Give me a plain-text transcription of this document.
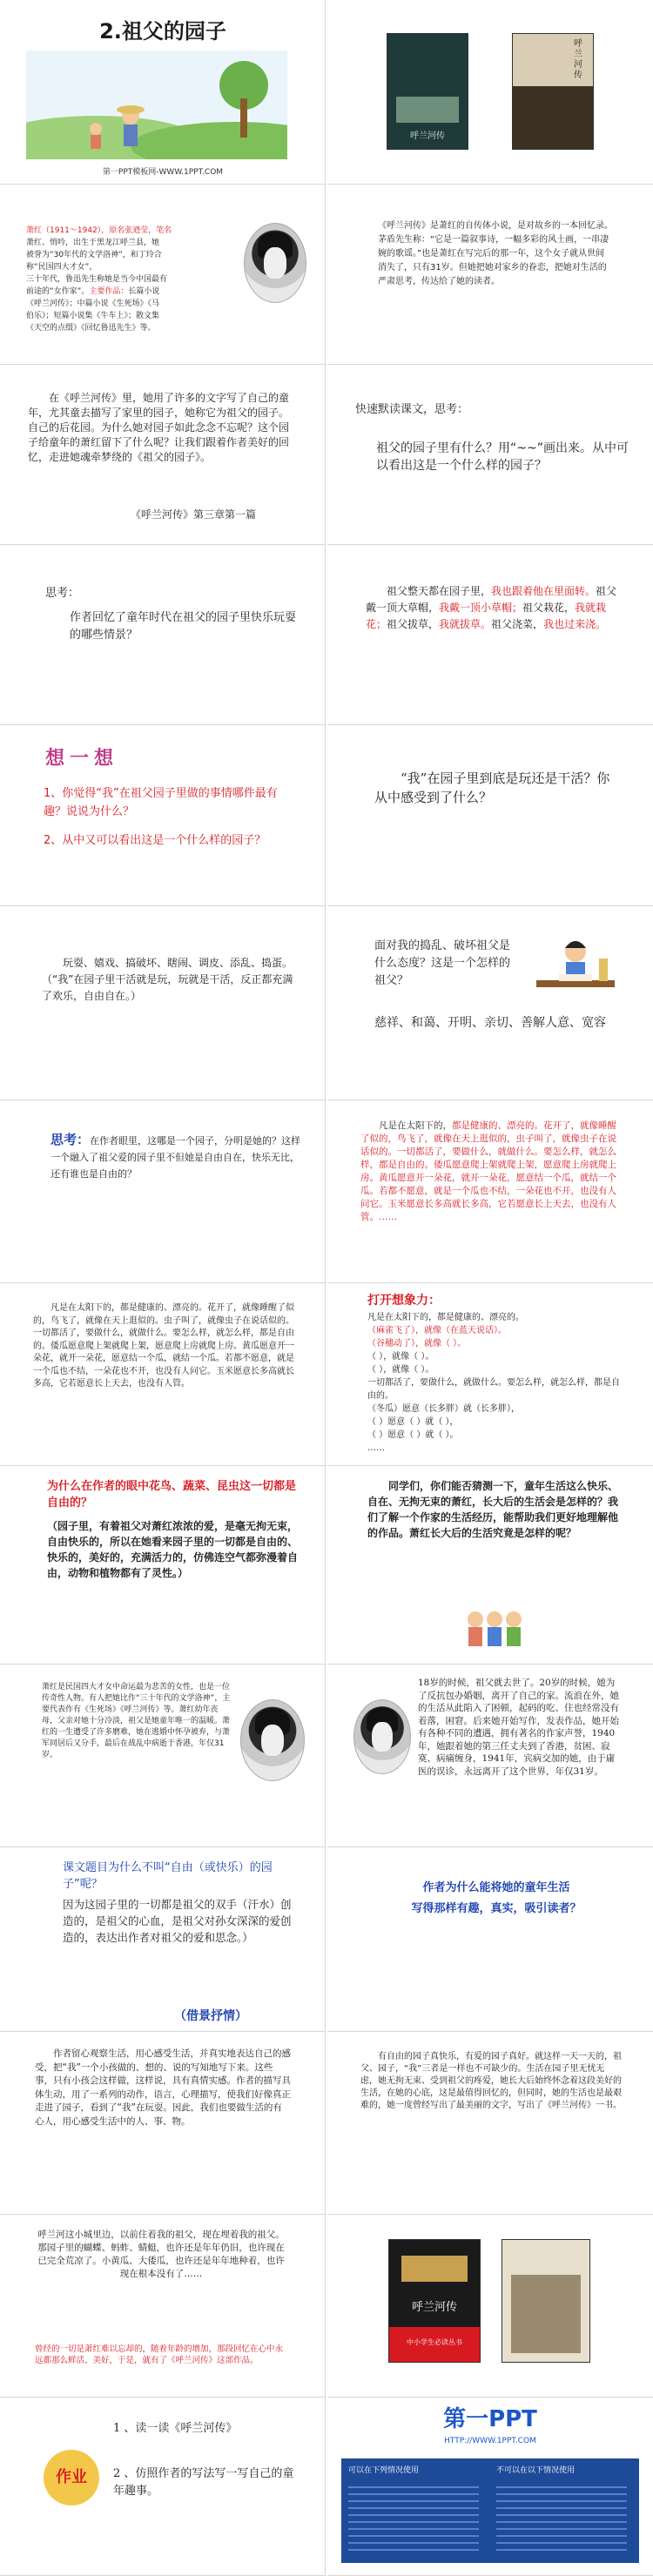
2.祖父的园子
第一PPT模板网-WWW.1PPT.COM
呼兰河传
呼兰河传
萧红（1911～1942），原名张迺莹，笔名
萧红、悄吟，出生于黑龙江呼兰县，她
被誉为“30年代的文学洛神”，和丁玲合
称“民国四大才女”，
三十年代，鲁迅先生称她是当今中国最有
前途的“女作家”。主要作品：长篇小说
《呼兰河传》；中篇小说《生死场》《马
伯乐》；短篇小说集《牛车上》；散文集
《天空的点缀》《回忆鲁迅先生》等。
《呼兰河传》是萧红的自传体小说，是对故乡的一本回忆录。茅盾先生称：“它是一篇叙事诗，一幅多彩的风土画，一串凄婉的歌谣。”也是萧红在写完后的那一年，这个女子就从世间消失了，只有31岁。但她把她对家乡的眷恋，把她对生活的严肃思考，传达给了她的读者。
在《呼兰河传》里，她用了许多的文字写了自己的童年，尤其童去描写了家里的园子，她称它为祖父的园子。自己的后花园。为什么她对园子如此念念不忘呢？这个园子给童年的萧红留下了什么呢？让我们跟着作者美好的回忆，走进她魂牵梦绕的《祖父的园子》。
《呼兰河传》第三章第一篇
快速默读课文，思考：
祖父的园子里有什么？用“~~”画出来。从中可以看出这是一个什么样的园子？
思考：
作者回忆了童年时代在祖父的园子里快乐玩耍的哪些情景？
祖父整天都在园子里，我也跟着他在里面转。祖父戴一顶大草帽，我戴一顶小草帽；祖父栽花，我就栽花；祖父拔草，我就拔草。祖父浇菜，我也过来浇。
想一想
1、你觉得“我”在祖父园子里做的事情哪件最有趣？说说为什么？
2、从中又可以看出这是一个什么样的园子？
“我”在园子里到底是玩还是干活？你从中感受到了什么？
玩耍、嬉戏、搞破坏、瞎闹、调皮、添乱、捣蛋。 （“我”在园子里干活就是玩，玩就是干活，反正都充满了欢乐，自由自在。）
面对我的捣乱、破坏祖父是什么态度？这是一个怎样的祖父？
慈祥、和蔼、开明、亲切、善解人意、宽容
思考：在作者眼里，这哪是一个园子，分明是她的？这样一个融入了祖父爱的园子里不但她是自由自在，快乐无比，还有谁也是自由的？
凡是在太阳下的，都是健康的、漂亮的。花开了，就像睡醒了似的，鸟飞了，就像在天上逛似的，虫子叫了，就像虫子在说话似的。一切都活了，要做什么，就做什么。要怎么样，就怎么样，都是自由的。倭瓜愿意爬上架就爬上架，愿意爬上房就爬上房。黄瓜愿意开一朵花，就开一朵花，愿意结一个瓜，就结一个瓜。若都不愿意，就是一个瓜也不结，一朵花也不开，也没有人问它。玉米愿意长多高就长多高，它若愿意长上天去，也没有人管。……
凡是在太阳下的，都是健康的、漂亮的。花开了，就像睡醒了似的，鸟飞了，就像在天上逛似的。虫子叫了，就像虫子在说话似的。一切都活了，要做什么，就做什么。要怎么样，就怎么样，都是自由的。倭瓜愿意爬上架就爬上架，愿意爬上房就爬上房。黄瓜愿意开一朵花，就开一朵花，愿意结一个瓜，就结一个瓜。若都不愿意，就是一个瓜也不结，一朵花也不开，也没有人问它。玉米愿意长多高就长多高，它若愿意长上天去，也没有人管。
打开想象力：
凡是在太阳下的，都是健康的、漂亮的。
（麻雀飞了），就像（在蓝天说话）。
（谷穗动了），就像（ ）。
（ ），就像（ ）。
（ ），就像（ ）。
一切都活了，要做什么，就做什么。要怎么样，就怎么样，都是自由的。
（冬瓜）愿意（长多胖）就（长多胖），
（ ）愿意（ ）就（ ），
（ ）愿意（ ）就（ ）。
……
为什么在作者的眼中花鸟、蔬菜、昆虫这一切都是自由的？
（园子里，有着祖父对萧红浓浓的爱，是毫无拘无束，自由快乐的，所以在她看来园子里的一切都是自由的、快乐的，美好的，充满活力的，仿佛连空气都弥漫着自由，动物和植物都有了灵性。）
同学们，你们能否猜测一下，童年生活这么快乐、自在、无拘无束的萧红，长大后的生活会是怎样的？我们了解一个作家的生活经历，能帮助我们更好地理解他的作品。萧红长大后的生活究竟是怎样的呢？
萧红是民国四大才女中命运最为悲苦的女性，也是一位传奇性人物。有人把她比作“三十年代的文学洛神”，主要代表作有《生死场》《呼兰河传》等。萧红幼年丧母，父亲对她十分冷淡，祖父是她童年唯一的温暖。萧红的一生遭受了许多磨难，她在逃婚中怀孕被弃，与萧军同居后又分手，最后在战乱中病逝于香港，年仅31岁。
18岁的时候，祖父就去世了。20岁的时候，她为了反抗包办婚姻，离开了自己的家。流浪在外，她的生活从此陷入了困顿，起码的吃、住也经常没有着落，困窘。后来她开始写作，发表作品，她开始有各种不同的遭遇，拥有著名的作家声誉，1940年，她跟着她的第三任丈夫到了香港，贫困、寂寞、病痛缠身，1941年，宾病交加的她，由于庸医的误诊，永远离开了这个世界，年仅31岁。
课文题目为什么不叫“自由（或快乐）的园子”呢？
因为这园子里的一切都是祖父的双手（汗水）创造的，是祖父的心血，是祖父对孙女深深的爱创造的，表达出作者对祖父的爱和思念。）
（借景抒情）
作者为什么能将她的童年生活
写得那样有趣，真实，吸引读者？
作者留心观察生活，用心感受生活，并真实地表达自己的感受，把“我”一个小孩做的、想的、说的写知地写下来。这些事，只有小孩会这样做，这样说，具有真情实感。作者的描写具体生动，用了一系列的动作，语言，心理描写，使我们好像真正走进了园子，看到了“我”在玩耍。因此，我们也要做生活的有心人，用心感受生活中的人、事、物。
有自由的园子真快乐，有爱的园子真好。就这样一天一天的，祖父、园子，“我”三者是一样也不可缺少的。生活在园子里无忧无虑，她无拘无束、受到祖父的疼爱，她长大后始终怀念着这段美好的生活，在她的心底，这是最值得回忆的，但同时，她的生活也是最艰难的，她一度曾经写出了最美丽的文字，写出了《呼兰河传》一书。
呼兰河这小城里边，以前住着我的祖父，现在埋着我的祖父。那园子里的蝴蝶、蚂蚱、蜻蜓，也许还是年年仍旧，也许现在已完全荒凉了。小黄瓜、大倭瓜，也许还是年年地种着，也许现在根本没有了……
曾经的一切是萧红难以忘却的，随着年龄的增加，那段回忆在心中永远都那么鲜活、美好，于是，就有了《呼兰河传》这部作品。
呼兰河传
中小学生必读丛书
作业
1 、读一读《呼兰河传》
2 、仿照作者的写法写一写自己的童年趣事。
第一PPT
HTTP://WWW.1PPT.COM
可以在下列情况使用	不可以在以下情况使用
